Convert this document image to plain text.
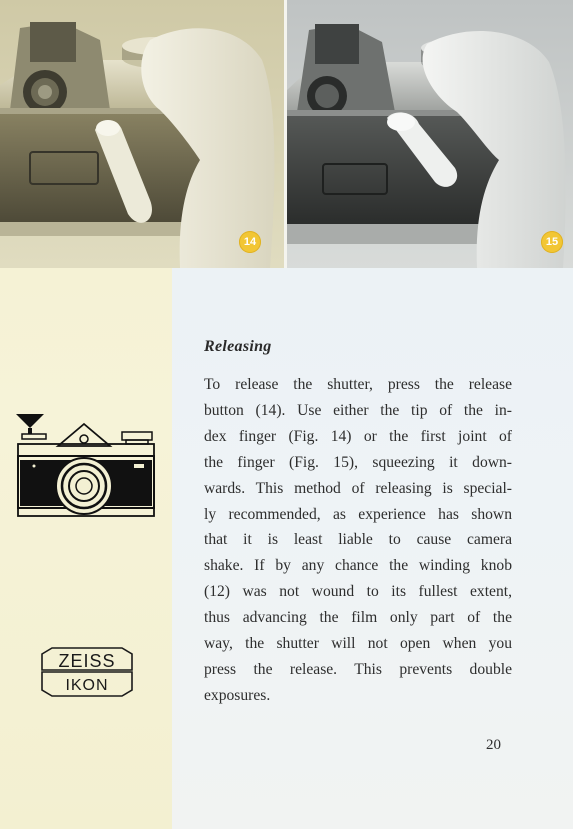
14	15
ZEISS
IKON
Releasing
To release the shutter, press the release
button (14). Use either the tip of the in-
dex finger (Fig. 14) or the first joint of
the finger (Fig. 15), squeezing it down-
wards. This method of releasing is special-
ly recommended, as experience has shown
that it is least liable to cause camera
shake. If by any chance the winding knob
(12) was not wound to its fullest extent,
thus advancing the film only part of the
way, the shutter will not open when you
press the release. This prevents double
exposures.
20
